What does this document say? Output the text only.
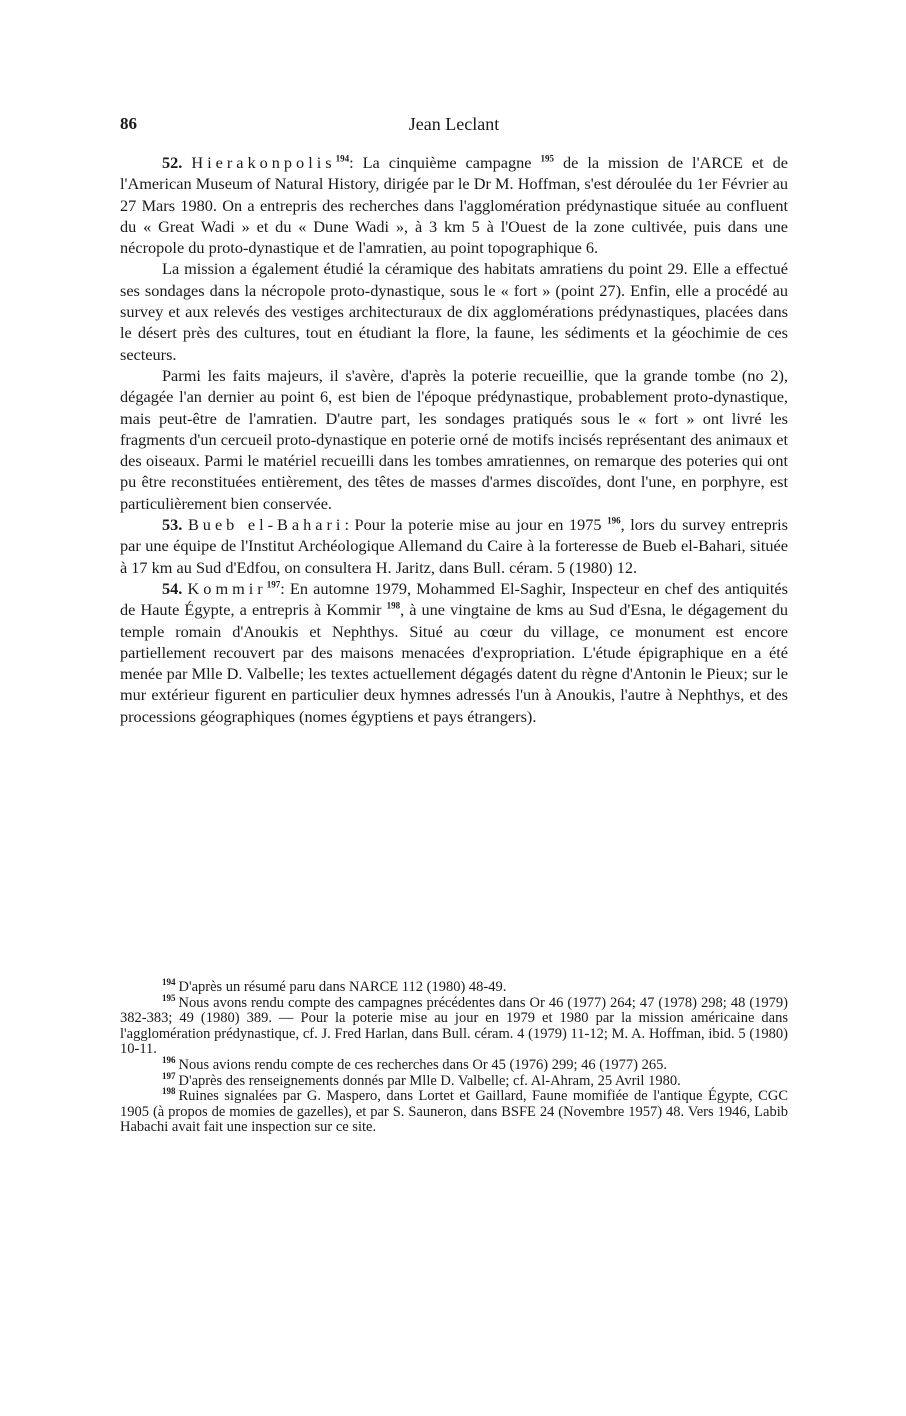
86	Jean Leclant

52. Hierakonpolis$^{194}$: La cinquième campagne $^{195}$ de la mission de l'ARCE et de l'American Museum of Natural History, dirigée par le Dr M. Hoffman, s'est déroulée du 1er Février au 27 Mars 1980. On a entrepris des recherches dans l'agglomération prédynastique située au confluent du « Great Wadi » et du « Dune Wadi », à 3 km 5 à l'Ouest de la zone cultivée, puis dans une nécropole du proto-dynastique et de l'amratien, au point topographique 6.

La mission a également étudié la céramique des habitats amratiens du point 29. Elle a effectué ses sondages dans la nécropole proto-dynastique, sous le « fort » (point 27). Enfin, elle a procédé au survey et aux relevés des vestiges architecturaux de dix agglomérations prédynastiques, placées dans le désert près des cultures, tout en étudiant la flore, la faune, les sédiments et la géochimie de ces secteurs.

Parmi les faits majeurs, il s'avère, d'après la poterie recueillie, que la grande tombe (no 2), dégagée l'an dernier au point 6, est bien de l'époque prédynastique, probablement proto-dynastique, mais peut-être de l'amratien. D'autre part, les sondages pratiqués sous le « fort » ont livré les fragments d'un cercueil proto-dynastique en poterie orné de motifs incisés représentant des animaux et des oiseaux. Parmi le matériel recueilli dans les tombes amratiennes, on remarque des poteries qui ont pu être reconstituées entièrement, des têtes de masses d'armes discoïdes, dont l'une, en porphyre, est particulièrement bien conservée.

53. Bueb el-Bahari: Pour la poterie mise au jour en 1975 $^{196}$, lors du survey entrepris par une équipe de l'Institut Archéologique Allemand du Caire à la forteresse de Bueb el-Bahari, située à 17 km au Sud d'Edfou, on consultera H. Jaritz, dans Bull. céram. 5 (1980) 12.

54. Kommir$^{197}$: En automne 1979, Mohammed El-Saghir, Inspecteur en chef des antiquités de Haute Égypte, a entrepris à Kommir $^{198}$, à une vingtaine de kms au Sud d'Esna, le dégagement du temple romain d'Anoukis et Nephthys. Situé au cœur du village, ce monument est encore partiellement recouvert par des maisons menacées d'expropriation. L'étude épigraphique en a été menée par Mlle D. Valbelle; les textes actuellement dégagés datent du règne d'Antonin le Pieux; sur le mur extérieur figurent en particulier deux hymnes adressés l'un à Anoukis, l'autre à Nephthys, et des processions géographiques (nomes égyptiens et pays étrangers).

$^{194}$ D'après un résumé paru dans NARCE 112 (1980) 48-49.

$^{195}$ Nous avons rendu compte des campagnes précédentes dans Or 46 (1977) 264; 47 (1978) 298; 48 (1979) 382-383; 49 (1980) 389. — Pour la poterie mise au jour en 1979 et 1980 par la mission américaine dans l'agglomération prédynastique, cf. J. Fred Harlan, dans Bull. céram. 4 (1979) 11-12; M. A. Hoffman, ibid. 5 (1980) 10-11.

$^{196}$ Nous avions rendu compte de ces recherches dans Or 45 (1976) 299; 46 (1977) 265.

$^{197}$ D'après des renseignements donnés par Mlle D. Valbelle; cf. Al-Ahram, 25 Avril 1980.

$^{198}$ Ruines signalées par G. Maspero, dans Lortet et Gaillard, Faune momifiée de l'antique Égypte, CGC 1905 (à propos de momies de gazelles), et par S. Sauneron, dans BSFE 24 (Novembre 1957) 48. Vers 1946, Labib Habachi avait fait une inspection sur ce site.
